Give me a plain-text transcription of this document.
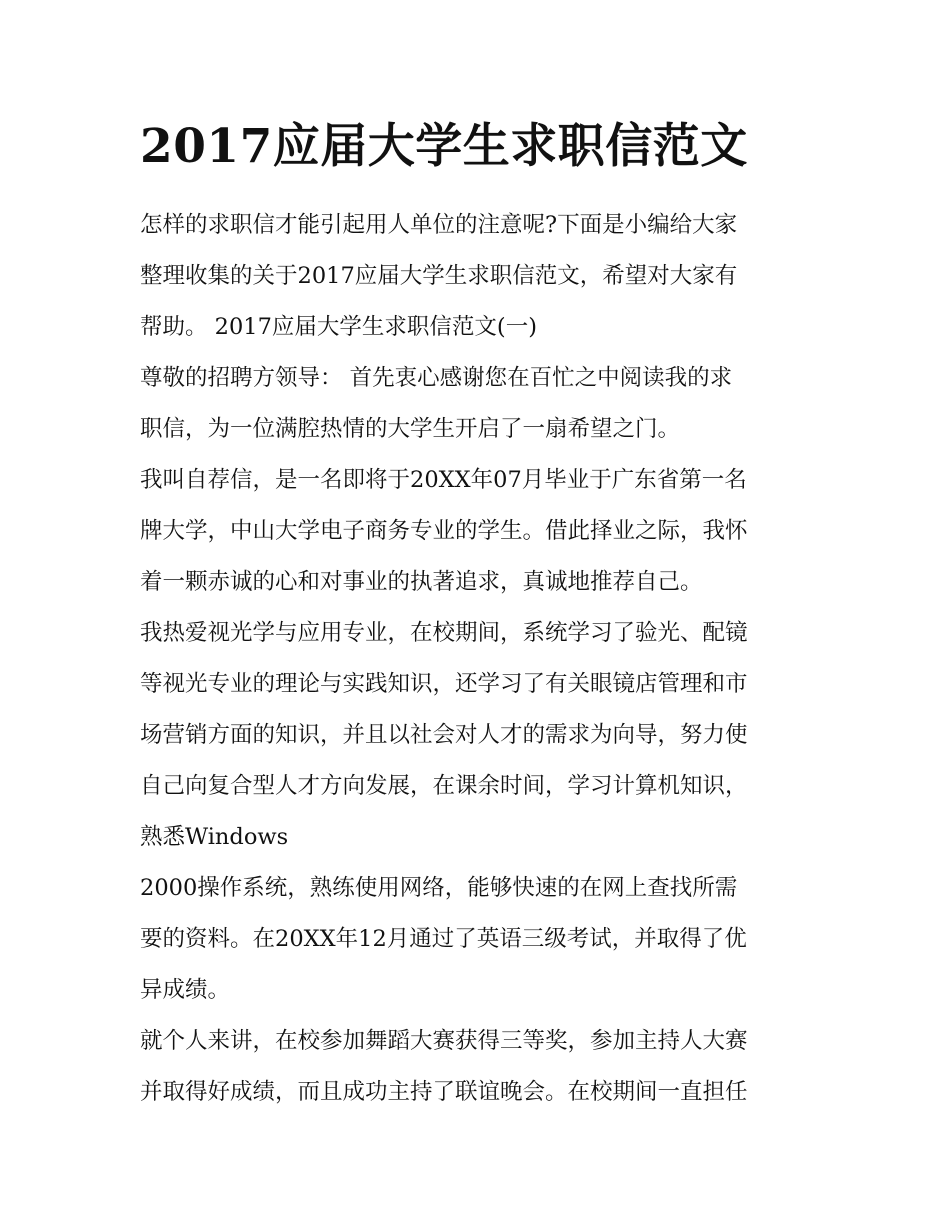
2017应届大学生求职信范文

怎样的求职信才能引起用人单位的注意呢?下面是小编给大家
整理收集的关于2017应届大学生求职信范文，希望对大家有
帮助。 2017应届大学生求职信范文(一)

尊敬的招聘方领导： 首先衷心感谢您在百忙之中阅读我的求
职信，为一位满腔热情的大学生开启了一扇希望之门。

我叫自荐信，是一名即将于20XX年07月毕业于广东省第一名
牌大学，中山大学电子商务专业的学生。借此择业之际，我怀
着一颗赤诚的心和对事业的执著追求，真诚地推荐自己。

我热爱视光学与应用专业，在校期间，系统学习了验光、配镜
等视光专业的理论与实践知识，还学习了有关眼镜店管理和市
场营销方面的知识，并且以社会对人才的需求为向导，努力使
自己向复合型人才方向发展，在课余时间，学习计算机知识，
熟悉Windows

2000操作系统，熟练使用网络，能够快速的在网上查找所需
要的资料。在20XX年12月通过了英语三级考试，并取得了优
异成绩。

就个人来讲，在校参加舞蹈大赛获得三等奖，参加主持人大赛
并取得好成绩，而且成功主持了联谊晚会。在校期间一直担任
